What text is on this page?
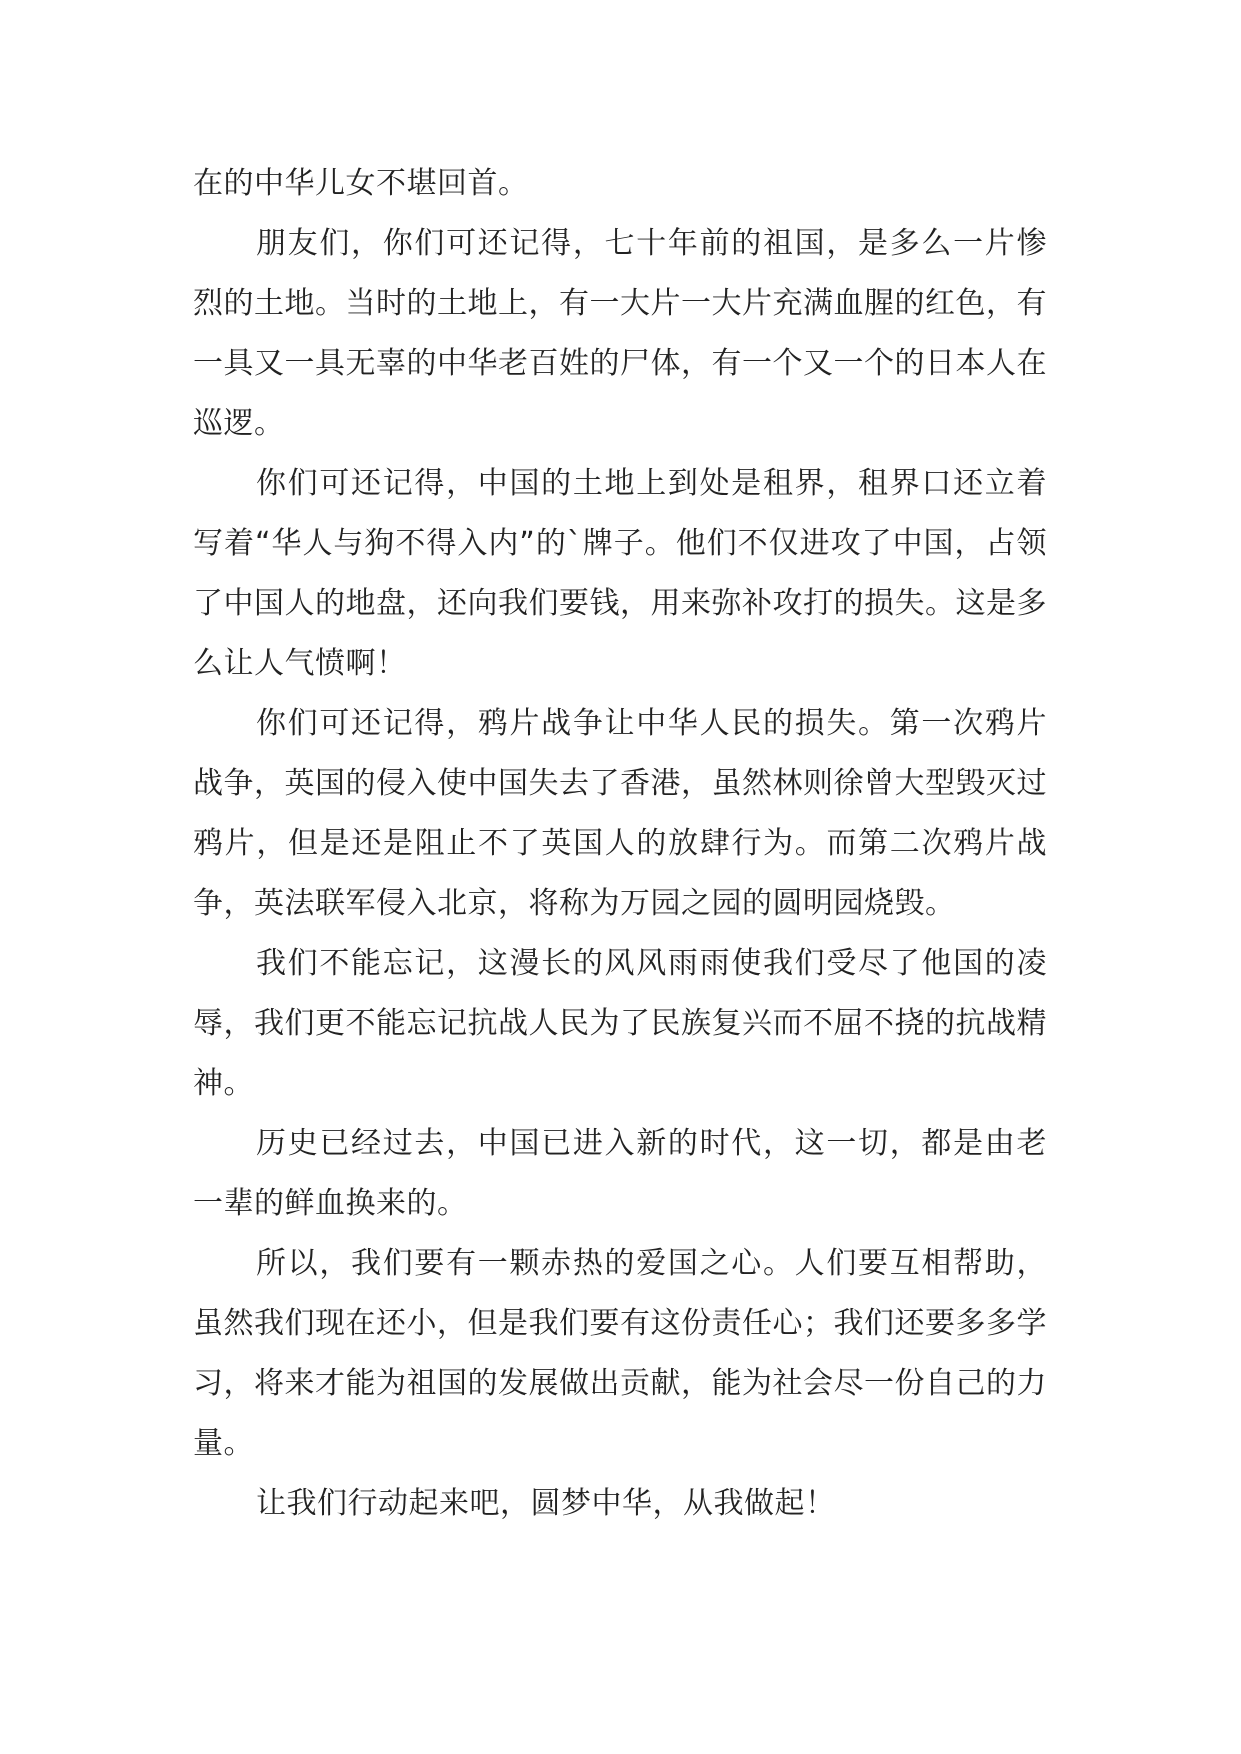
在的中华儿女不堪回首。

朋友们，你们可还记得，七十年前的祖国，是多么一片惨烈的土地。当时的土地上，有一大片一大片充满血腥的红色，有一具又一具无辜的中华老百姓的尸体，有一个又一个的日本人在巡逻。

你们可还记得，中国的土地上到处是租界，租界口还立着写着“华人与狗不得入内”的`牌子。他们不仅进攻了中国，占领了中国人的地盘，还向我们要钱，用来弥补攻打的损失。这是多么让人气愤啊！

你们可还记得，鸦片战争让中华人民的损失。第一次鸦片战争，英国的侵入使中国失去了香港，虽然林则徐曾大型毁灭过鸦片，但是还是阻止不了英国人的放肆行为。而第二次鸦片战争，英法联军侵入北京，将称为万园之园的圆明园烧毁。

我们不能忘记，这漫长的风风雨雨使我们受尽了他国的凌辱，我们更不能忘记抗战人民为了民族复兴而不屈不挠的抗战精神。

历史已经过去，中国已进入新的时代，这一切，都是由老一辈的鲜血换来的。

所以，我们要有一颗赤热的爱国之心。人们要互相帮助，虽然我们现在还小，但是我们要有这份责任心；我们还要多多学习，将来才能为祖国的发展做出贡献，能为社会尽一份自己的力量。

让我们行动起来吧，圆梦中华，从我做起！
